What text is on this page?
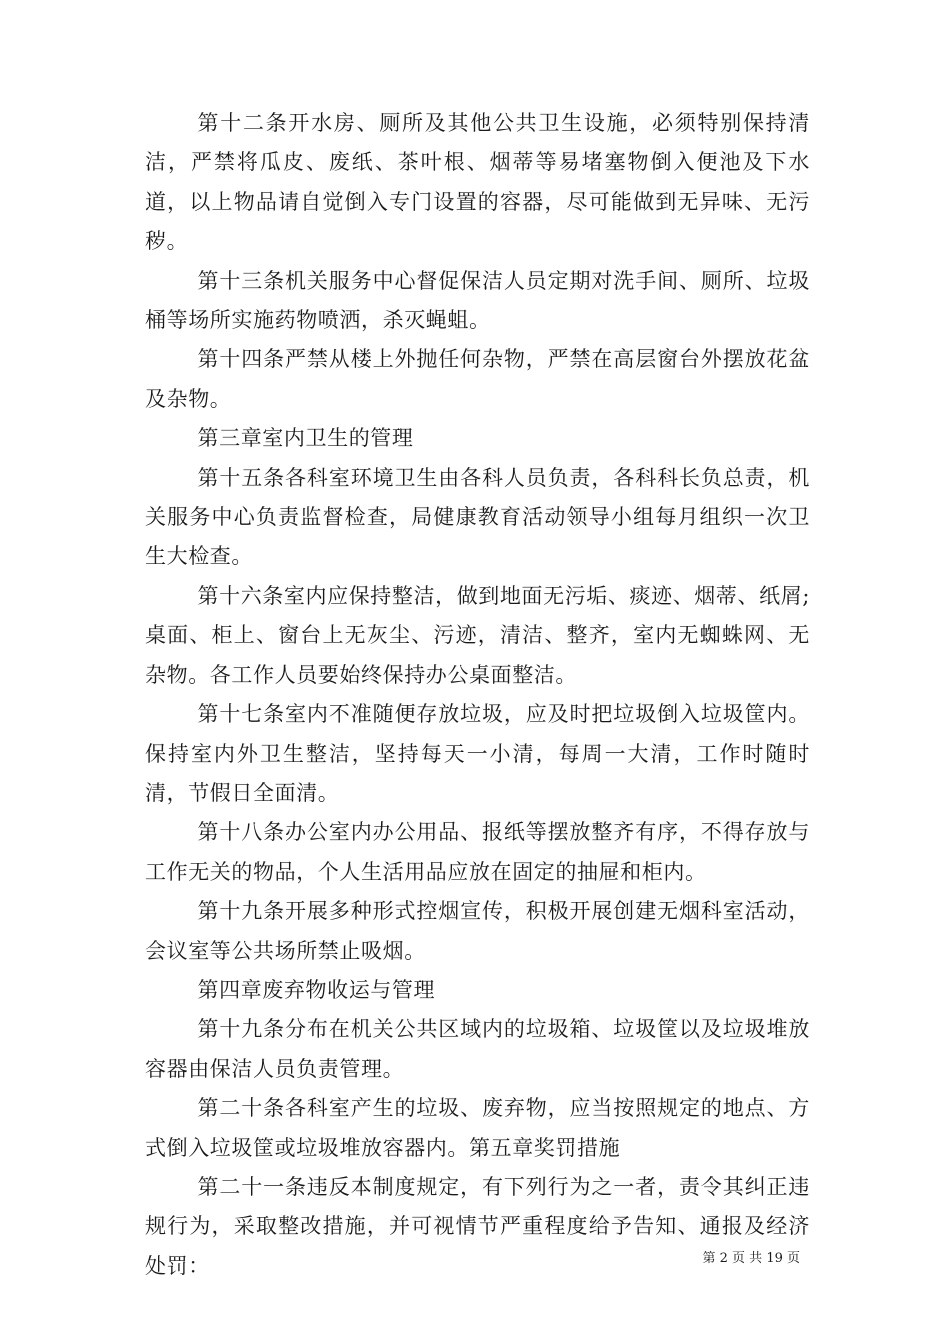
第十二条开水房、厕所及其他公共卫生设施，必须特别保持清洁，严禁将瓜皮、废纸、茶叶根、烟蒂等易堵塞物倒入便池及下水道，以上物品请自觉倒入专门设置的容器，尽可能做到无异味、无污秽。

第十三条机关服务中心督促保洁人员定期对洗手间、厕所、垃圾桶等场所实施药物喷洒，杀灭蝇蛆。

第十四条严禁从楼上外抛任何杂物，严禁在高层窗台外摆放花盆及杂物。

第三章室内卫生的管理

第十五条各科室环境卫生由各科人员负责，各科科长负总责，机关服务中心负责监督检查，局健康教育活动领导小组每月组织一次卫生大检查。

第十六条室内应保持整洁，做到地面无污垢、痰迹、烟蒂、纸屑;桌面、柜上、窗台上无灰尘、污迹，清洁、整齐，室内无蜘蛛网、无杂物。各工作人员要始终保持办公桌面整洁。

第十七条室内不准随便存放垃圾，应及时把垃圾倒入垃圾筐内。保持室内外卫生整洁，坚持每天一小清，每周一大清，工作时随时清，节假日全面清。

第十八条办公室内办公用品、报纸等摆放整齐有序，不得存放与工作无关的物品，个人生活用品应放在固定的抽屉和柜内。

第十九条开展多种形式控烟宣传，积极开展创建无烟科室活动，会议室等公共场所禁止吸烟。

第四章废弃物收运与管理

第十九条分布在机关公共区域内的垃圾箱、垃圾筐以及垃圾堆放容器由保洁人员负责管理。

第二十条各科室产生的垃圾、废弃物，应当按照规定的地点、方式倒入垃圾筐或垃圾堆放容器内。第五章奖罚措施

第二十一条违反本制度规定，有下列行为之一者，责令其纠正违规行为，采取整改措施，并可视情节严重程度给予告知、通报及经济处罚：	第 2 页 共 19 页
